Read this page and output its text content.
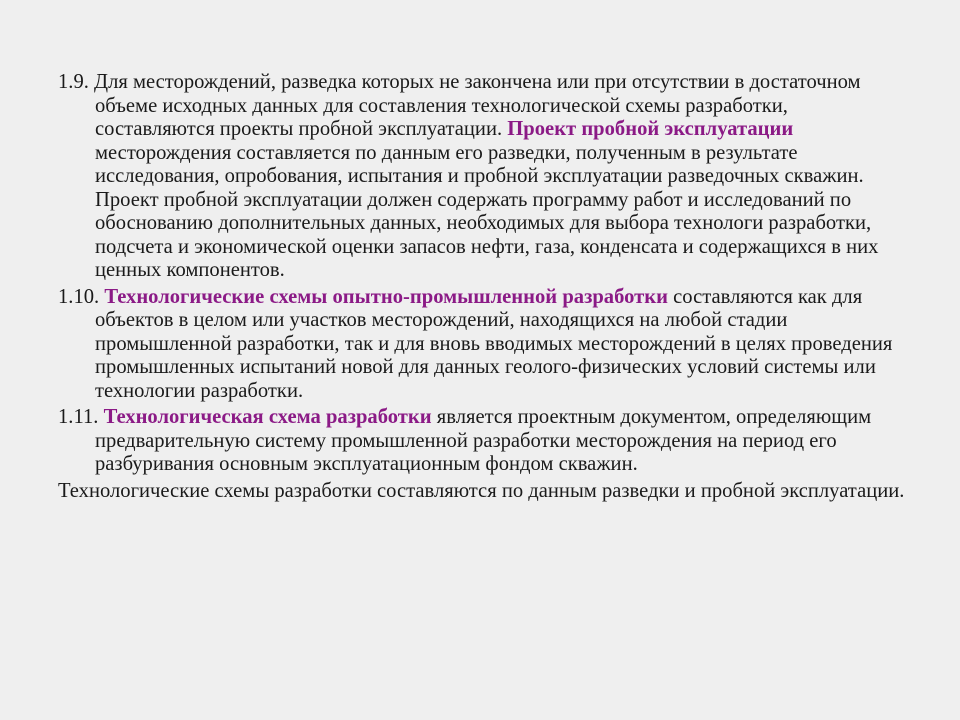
1.9. Для месторождений, разведка которых не закончена или при отсутствии в достаточном объеме исходных данных для составления технологической схемы разработки, составляются проекты пробной эксплуатации. Проект пробной эксплуатации месторождения составляется по данным его разведки, полученным в результате исследования, опробования, испытания и пробной эксплуатации разведочных скважин. Проект пробной эксплуатации должен содержать программу работ и исследований по обоснованию дополнительных данных, необходимых для выбора технологи разработки, подсчета и экономической оценки запасов нефти, газа, конденсата и содержащихся в них ценных компонентов.

1.10. Технологические схемы опытно-промышленной разработки составляются как для объектов в целом или участков месторождений, находящихся на любой стадии промышленной разработки, так и для вновь вводимых месторождений в целях проведения промышленных испытаний новой для данных геолого-физических условий системы или технологии разработки.

1.11. Технологическая схема разработки является проектным документом, определяющим предварительную систему промышленной разработки месторождения на период его разбуривания основным эксплуатационным фондом скважин.

Технологические схемы разработки составляются по данным разведки и пробной эксплуатации.
